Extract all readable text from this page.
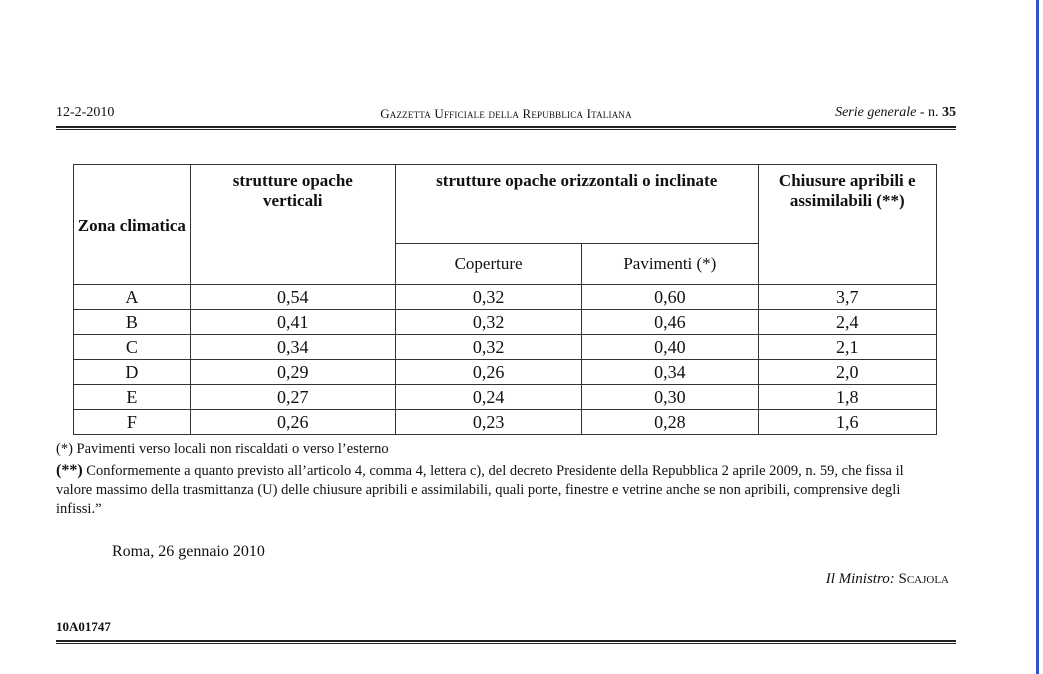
12-2-2010	Gazzetta Ufficiale della Repubblica Italiana	Serie generale - n. 35
Zona climatica	strutture opache verticali	strutture opache orizzontali o inclinate		Chiusure apribili e assimilabili (**)

		Coperture	Pavimenti (*)	
A	0,54	0,32	0,60	3,7
B	0,41	0,32	0,46	2,4
C	0,34	0,32	0,40	2,1
D	0,29	0,26	0,34	2,0
E	0,27	0,24	0,30	1,8
F	0,26	0,23	0,28	1,6

(*) Pavimenti verso locali non riscaldati o verso l’esterno

(**) Conformemente a quanto previsto all’articolo 4, comma 4, lettera c), del decreto Presidente della Repubblica 2 aprile 2009, n. 59, che fissa il valore massimo della trasmittanza (U) delle chiusure apribili e assimilabili, quali porte, finestre e vetrine anche se non apribili, comprensive degli infissi.”

Roma, 26 gennaio 2010
Il Ministro: Scajola
10A01747
